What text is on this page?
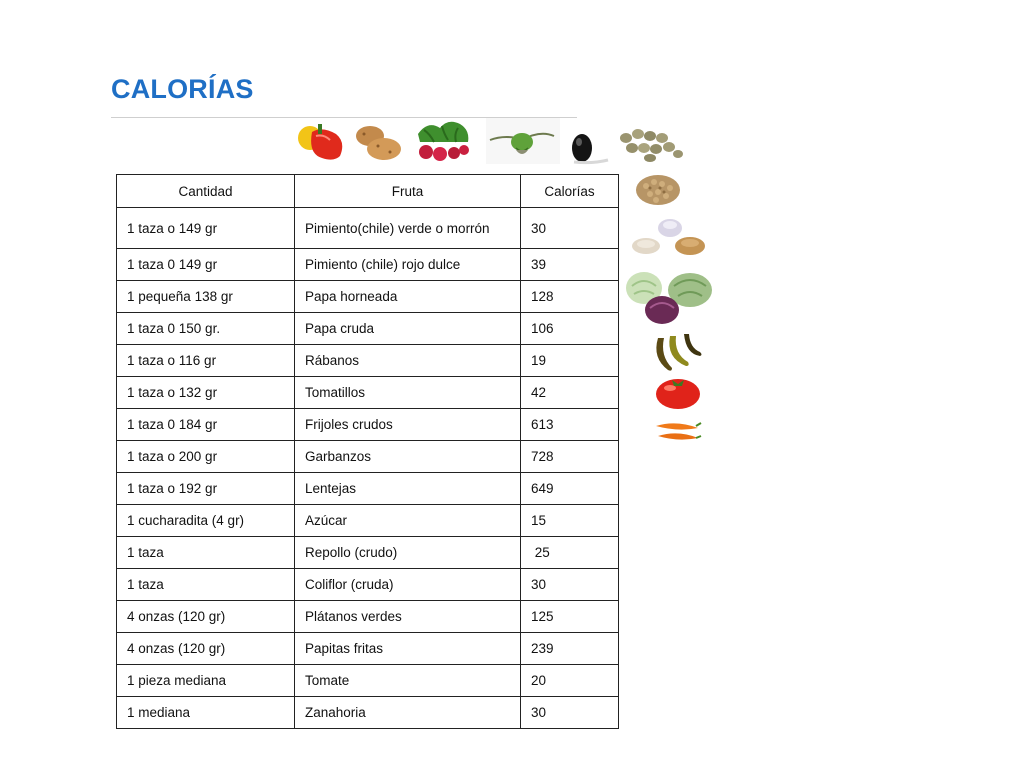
CALORÍAS
Cantidad	Fruta	Calorías
1 taza o 149 gr	Pimiento(chile) verde o morrón	30
1 taza 0 149 gr	Pimiento (chile) rojo dulce	39
1 pequeña 138 gr	Papa horneada	128
1 taza 0 150 gr.	Papa cruda	106
1 taza o 116 gr	Rábanos	19
1 taza o 132 gr	Tomatillos	42
1 taza 0 184 gr	Frijoles crudos	613
1 taza o 200 gr	Garbanzos	728
1 taza o 192 gr	Lentejas	649
1 cucharadita (4 gr)	Azúcar	15
1 taza	Repollo (crudo)	25
1 taza	Coliflor (cruda)	30
4 onzas (120 gr)	Plátanos verdes	125
4 onzas (120 gr)	Papitas fritas	239
1 pieza mediana	Tomate	20
1 mediana	Zanahoria	30
